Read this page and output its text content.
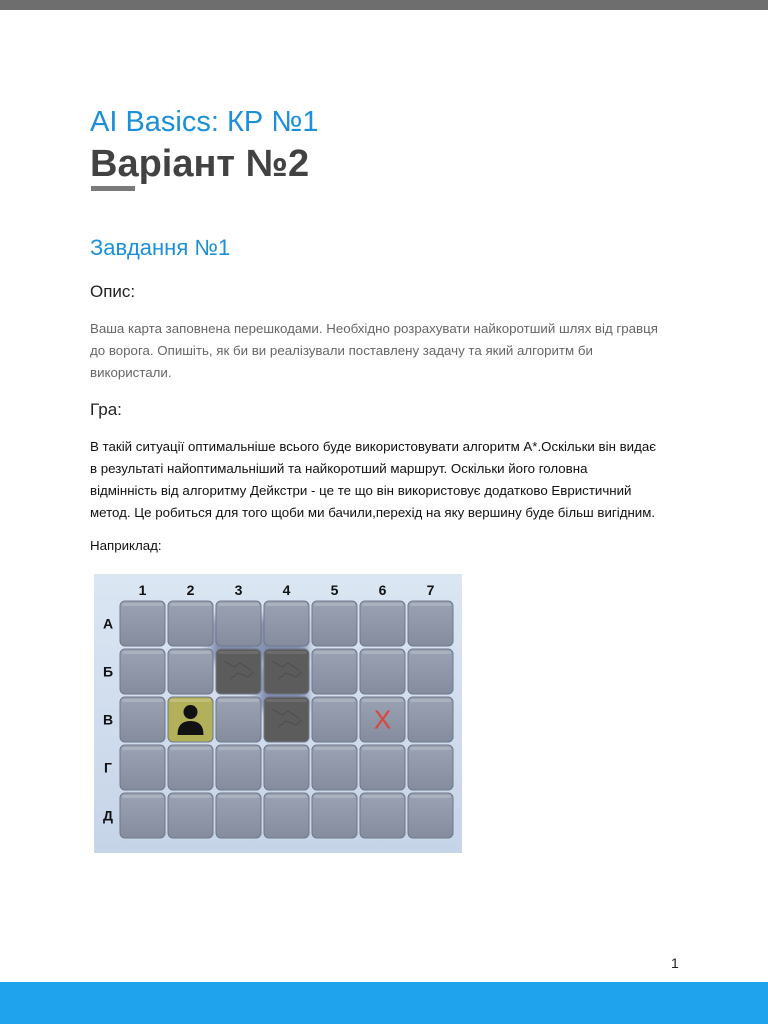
AI Basics: КР №1
Варіант №2
Завдання №1
Опис:
Ваша карта заповнена перешкодами. Необхідно розрахувати найкоротший шлях від гравця
до ворога. Опишіть, як би ви реалізували поставлену задачу та який алгоритм би
використали.
Гра:
В такій ситуації оптимальніше всього буде використовувати алгоритм А*.Оскільки він видає
в результаті найоптимальніший та найкоротший маршрут. Оскільки його головна
відмінність від алгоритму Дейкстри - це те що він використовує додатково Евристичний
метод. Це робиться для того щоби ми бачили,перехід на яку вершину буде більш вигідним.
Наприклад:
X
1	2	3	4	5	6	7
А
Б
В
Г
Д
1
